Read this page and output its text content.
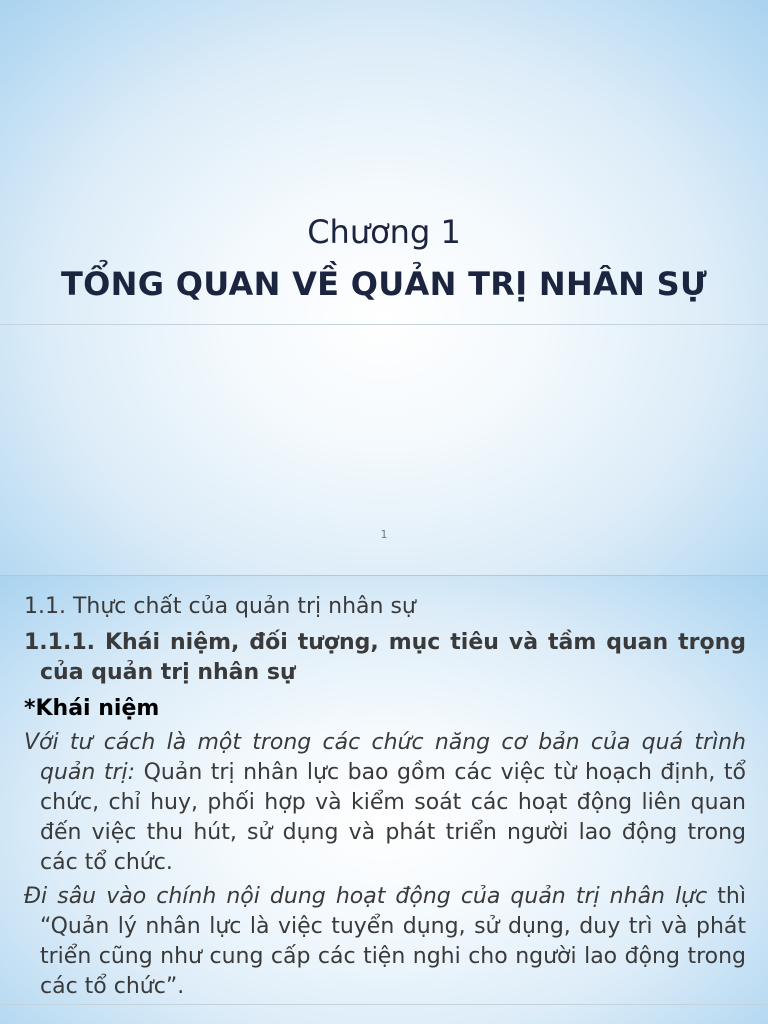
Chương 1
TỔNG QUAN VỀ QUẢN TRỊ NHÂN SỰ
1

1.1. Thực chất của quản trị nhân sự

1.1.1. Khái niệm, đối tượng, mục tiêu và tầm quan trọng của quản trị nhân sự

*Khái niệm

Với tư cách là một trong các chức năng cơ bản của quá trình quản trị: Quản trị nhân lực bao gồm các việc từ hoạch định, tổ chức, chỉ huy, phối hợp và kiểm soát các hoạt động liên quan đến việc thu hút, sử dụng và phát triển người lao động trong các tổ chức.

Đi sâu vào chính nội dung hoạt động của quản trị nhân lực thì “Quản lý nhân lực là việc tuyển dụng, sử dụng, duy trì và phát triển cũng như cung cấp các tiện nghi cho người lao động trong các tổ chức”.
